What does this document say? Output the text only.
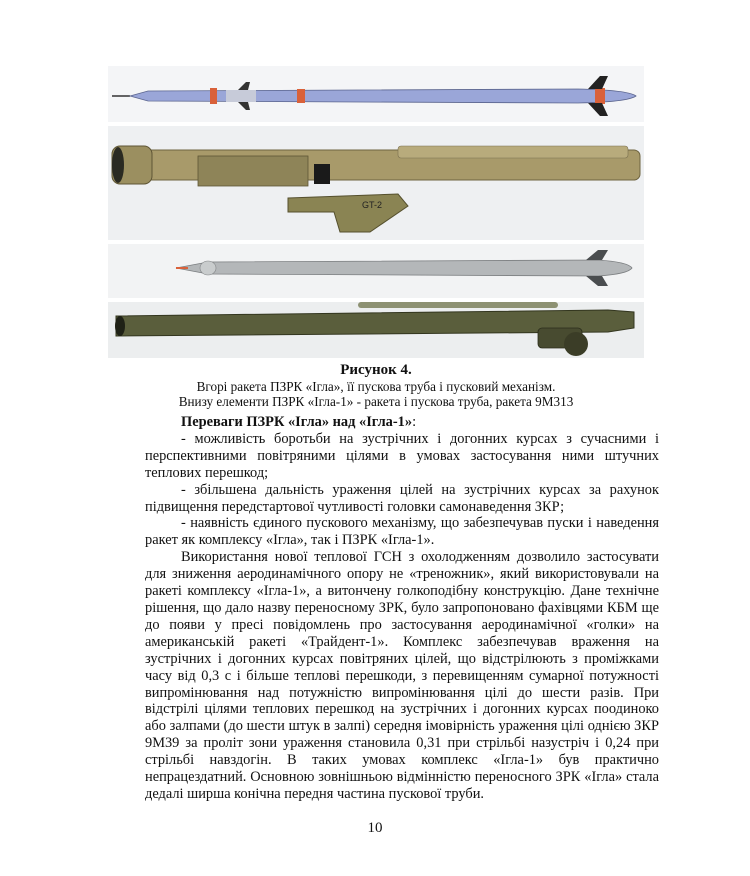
GT-2
Рисунок 4.
Вгорі ракета ПЗРК «Ігла», її пускова труба і пусковий механізм.
Внизу елементи ПЗРК «Ігла-1» - ракета і пускова труба, ракета 9М313

Переваги ПЗРК «Ігла» над «Ігла-1»:

- можливість боротьби на зустрічних і догонних курсах з сучасними і перспективними повітряними цілями в умовах застосування ними штучних теплових перешкод;

- збільшена дальність ураження цілей на зустрічних курсах за рахунок підвищення передстартової чутливості головки самонаведення ЗКР;

- наявність єдиного пускового механізму, що забезпечував пуски і наведення ракет як комплексу «Ігла», так і ПЗРК «Ігла-1».

Використання нової теплової ГСН з охолодженням дозволило застосувати для зниження аеродинамічного опору не «треножник», який використовували на ракеті комплексу «Ігла-1», а витончену голкоподібну конструкцію. Дане технічне рішення, що дало назву переносному ЗРК, було запропоновано фахівцями КБМ ще до появи у пресі повідомлень про застосування аеродинамічної «голки» на американській ракеті «Трайдент-1». Комплекс забезпечував враження на зустрічних і догонних курсах повітряних цілей, що відстрілюють з проміжками часу від 0,3 с і більше теплові перешкоди, з перевищенням сумарної потужності випромінювання над потужністю випромінювання цілі до шести разів. При відстрілі цілями теплових перешкод на зустрічних і догонних курсах поодиноко або залпами (до шести штук в залпі) середня імовірність ураження цілі однією ЗКР 9М39 за проліт зони ураження становила 0,31 при стрільбі назустріч і 0,24 при стрільбі навздогін. В таких умовах комплекс «Ігла-1» був практично непрацездатний. Основною зовнішньою відмінністю переносного ЗРК «Ігла» стала дедалі ширша конічна передня частина пускової труби.

10
